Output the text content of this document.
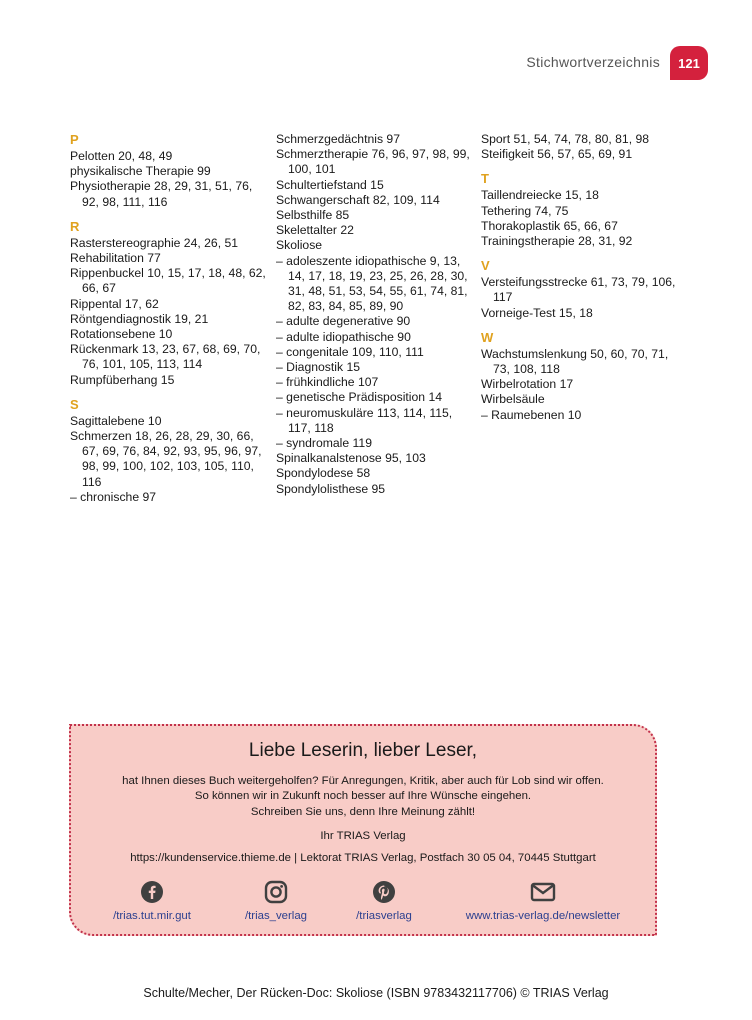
Stichwortverzeichnis	121
P
Pelotten 20, 48, 49
physikalische Therapie 99
Physiotherapie 28, 29, 31, 51, 76, 92, 98, 111, 116
R
Rasterstereographie 24, 26, 51
Rehabilitation 77
Rippenbuckel 10, 15, 17, 18, 48, 62, 66, 67
Rippental 17, 62
Röntgendiagnostik 19, 21
Rotationsebene 10
Rückenmark 13, 23, 67, 68, 69, 70, 76, 101, 105, 113, 114
Rumpfüberhang 15
S
Sagittalebene 10
Schmerzen 18, 26, 28, 29, 30, 66, 67, 69, 76, 84, 92, 93, 95, 96, 97, 98, 99, 100, 102, 103, 105, 110, 116
– chronische 97
Schmerzgedächtnis 97
Schmerztherapie 76, 96, 97, 98, 99, 100, 101
Schultertiefstand 15
Schwangerschaft 82, 109, 114
Selbsthilfe 85
Skelettalter 22
Skoliose
– adoleszente idiopathische 9, 13, 14, 17, 18, 19, 23, 25, 26, 28, 30, 31, 48, 51, 53, 54, 55, 61, 74, 81, 82, 83, 84, 85, 89, 90
– adulte degenerative 90
– adulte idiopathische 90
– congenitale 109, 110, 111
– Diagnostik 15
– frühkindliche 107
– genetische Prädisposition 14
– neuromuskuläre 113, 114, 115, 117, 118
– syndromale 119
Spinalkanalstenose 95, 103
Spondylodese 58
Spondylolisthese 95
Sport 51, 54, 74, 78, 80, 81, 98
Steifigkeit 56, 57, 65, 69, 91
T
Taillendreiecke 15, 18
Tethering 74, 75
Thorakoplastik 65, 66, 67
Trainingstherapie 28, 31, 92
V
Versteifungsstrecke 61, 73, 79, 106, 117
Vorneige-Test 15, 18
W
Wachstumslenkung 50, 60, 70, 71, 73, 108, 118
Wirbelrotation 17
Wirbelsäule
– Raumebenen 10
Liebe Leserin, lieber Leser,
hat Ihnen dieses Buch weitergeholfen? Für Anregungen, Kritik, aber auch für Lob sind wir offen.
So können wir in Zukunft noch besser auf Ihre Wünsche eingehen.
Schreiben Sie uns, denn Ihre Meinung zählt!
Ihr TRIAS Verlag
https://kundenservice.thieme.de | Lektorat TRIAS Verlag, Postfach 30 05 04, 70445 Stuttgart
/trias.tut.mir.gut	/trias_verlag	/triasverlag	www.trias-verlag.de/newsletter
Schulte/Mecher, Der Rücken-Doc: Skoliose (ISBN 9783432117706) © TRIAS Verlag
